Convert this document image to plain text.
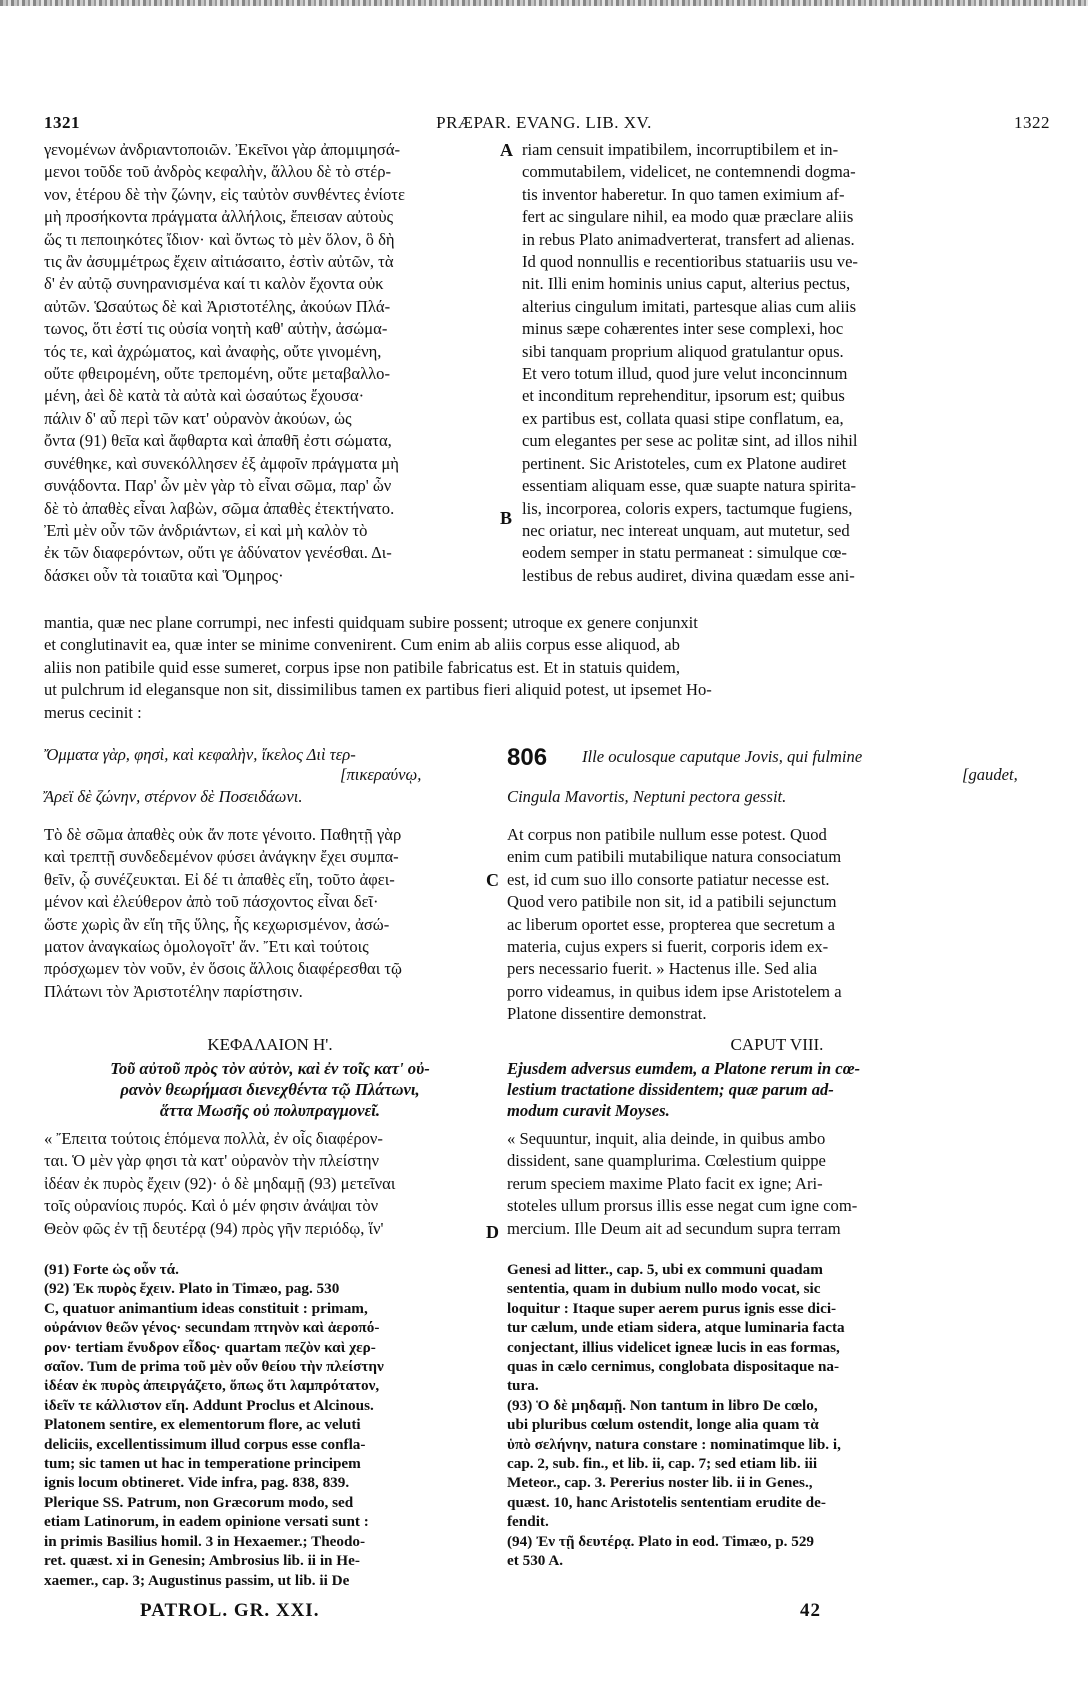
1321	PRÆPAR. EVANG. LIB. XV.	1322
γενομένων ἀνδριαντοποιῶν. Ἐκεῖνοι γὰρ ἀπομιμησά-
μενοι τοῦδε τοῦ ἀνδρὸς κεφαλὴν, ἄλλου δὲ τὸ στέρ-
νον, ἑτέρου δὲ τὴν ζώνην, εἰς ταὐτὸν συνθέντες ἐνίοτε
μὴ προσήκοντα πράγματα ἀλλήλοις, ἔπεισαν αὐτοὺς
ὥς τι πεποιηκότες ἴδιον· καὶ ὄντως τὸ μὲν ὅλον, ὃ δὴ
τις ἂν ἀσυμμέτρως ἔχειν αἰτιάσαιτο, ἐστὶν αὐτῶν, τὰ
δ' ἐν αὐτῷ συνηρανισμένα καί τι καλὸν ἔχοντα οὐκ
αὐτῶν. Ὡσαύτως δὲ καὶ Ἀριστοτέλης, ἀκούων Πλά-
τωνος, ὅτι ἐστί τις οὐσία νοητὴ καθ' αὑτὴν, ἀσώμα-
τός τε, καὶ ἀχρώματος, καὶ ἀναφὴς, οὔτε γινομένη,
οὔτε φθειρομένη, οὔτε τρεπομένη, οὔτε μεταβαλλο-
μένη, ἀεὶ δὲ κατὰ τὰ αὐτὰ καὶ ὡσαύτως ἔχουσα·
πάλιν δ' αὖ περὶ τῶν κατ' οὐρανὸν ἀκούων, ὡς
ὄντα (91) θεῖα καὶ ἄφθαρτα καὶ ἀπαθῆ ἐστι σώματα,
συνέθηκε, καὶ συνεκόλλησεν ἐξ ἀμφοῖν πράγματα μὴ
συνᾴδοντα. Παρ' ὧν μὲν γὰρ τὸ εἶναι σῶμα, παρ' ὧν
δὲ τὸ ἀπαθὲς εἶναι λαβὼν, σῶμα ἀπαθὲς ἐτεκτήνατο.
Ἐπὶ μὲν οὖν τῶν ἀνδριάντων, εἰ καὶ μὴ καλὸν τὸ
ἐκ τῶν διαφερόντων, οὔτι γε ἀδύνατον γενέσθαι. Δι-
δάσκει οὖν τὰ τοιαῦτα καὶ Ὅμηρος·
A riam censuit impatibilem, incorruptibilem et in-
commutabilem, videlicet, ne contemnendi dogma-
tis inventor haberetur. In quo tamen eximium af-
fert ac singulare nihil, ea modo quæ præclare aliis
in rebus Plato animadverterat, transfert ad alienas.
Id quod nonnullis e recentioribus statuariis usu ve-
nit. Illi enim hominis unius caput, alterius pectus,
alterius cingulum imitati, partesque alias cum aliis
minus sæpe cohærentes inter sese complexi, hoc
sibi tanquam proprium aliquod gratulantur opus.
Et vero totum illud, quod jure velut inconcinnum
et inconditum reprehenditur, ipsorum est; quibus
ex partibus est, collata quasi stipe conflatum, ea,
cum elegantes per sese ac politæ sint, ad illos nihil
pertinent. Sic Aristoteles, cum ex Platone audiret
essentiam aliquam esse, quæ suapte natura spirita-
lis, incorporea, coloris expers, tactumque fugiens,
nec oriatur, nec intereat unquam, aut mutetur, sed
eodem semper in statu permaneat : simulque cœ-
lestibus de rebus audiret, divina quædam esse ani-
B
mantia, quæ nec plane corrumpi, nec infesti quidquam subire possent; utroque ex genere conjunxit
et conglutinavit ea, quæ inter se minime convenirent. Cum enim ab aliis corpus esse aliquod, ab
aliis non patibile quid esse sumeret, corpus ipse non patibile fabricatus est. Et in statuis quidem,
ut pulchrum id elegansque non sit, dissimilibus tamen ex partibus fieri aliquid potest, ut ipsemet Ho-
merus cecinit :
Ὄμματα γὰρ, φησὶ, καὶ κεφαλὴν, ἴκελος Διὶ τερ-
[πικεραύνῳ,
Ἄρεϊ δὲ ζώνην, στέρνον δὲ Ποσειδάωνι.
806 Ille oculosque caputque Jovis, qui fulmine
[gaudet,
Cingula Mavortis, Neptuni pectora gessit.
Τὸ δὲ σῶμα ἀπαθὲς οὐκ ἄν ποτε γένοιτο. Παθητῇ γὰρ
καὶ τρεπτῇ συνδεδεμένον φύσει ἀνάγκην ἔχει συμπα-
θεῖν, ᾧ συνέζευκται. Εἰ δέ τι ἀπαθὲς εἴη, τοῦτο ἀφει-
μένον καὶ ἐλεύθερον ἀπὸ τοῦ πάσχοντος εἶναι δεῖ·
ὥστε χωρὶς ἂν εἴη τῆς ὕλης, ἧς κεχωρισμένον, ἀσώ-
ματον ἀναγκαίως ὁμολογοῖτ' ἄν. Ἔτι καὶ τούτοις
πρόσχωμεν τὸν νοῦν, ἐν ὅσοις ἄλλοις διαφέρεσθαι τῷ
Πλάτωνι τὸν Ἀριστοτέλην παρίστησιν.
C
At corpus non patibile nullum esse potest. Quod
enim cum patibili mutabilique natura consociatum
est, id cum suo illo consorte patiatur necesse est.
Quod vero patibile non sit, id a patibili sejunctum
ac liberum oportet esse, propterea que secretum a
materia, cujus expers si fuerit, corporis idem ex-
pers necessario fuerit. » Hactenus ille. Sed alia
porro videamus, in quibus idem ipse Aristotelem a
Platone dissentire demonstrat.
ΚΕΦΑΛΑΙΟΝ Η'.
Τοῦ αὐτοῦ πρὸς τὸν αὐτὸν, καὶ ἐν τοῖς κατ' οὐ-
ρανὸν θεωρήμασι διενεχθέντα τῷ Πλάτωνι,
ἅττα Μωσῆς οὐ πολυπραγμονεῖ.
« Ἔπειτα τούτοις ἑπόμενα πολλὰ, ἐν οἷς διαφέρον-
ται. Ὁ μὲν γὰρ φησι τὰ κατ' οὐρανὸν τὴν πλείστην
ἰδέαν ἐκ πυρὸς ἔχειν (92)· ὁ δὲ μηδαμῇ (93) μετεῖναι
τοῖς οὐρανίοις πυρός. Καὶ ὁ μέν φησιν ἀνάψαι τὸν
Θεὸν φῶς ἐν τῇ δευτέρᾳ (94) πρὸς γῆν περιόδῳ, ἵν'
CAPUT VIII.
Ejusdem adversus eumdem, a Platone rerum in cœ-
lestium tractatione dissidentem; quæ parum ad-
modum curavit Moyses.
« Sequuntur, inquit, alia deinde, in quibus ambo
dissident, sane quamplurima. Cœlestium quippe
rerum speciem maxime Plato facit ex igne; Ari-
stoteles ullum prorsus illis esse negat cum igne com-
mercium. Ille Deum ait ad secundum supra terram
D
(91) Forte ὡς οὖν τά.
(92) Ἐκ πυρὸς ἔχειν. Plato in Timæo, pag. 530
C, quatuor animantium ideas constituit : primam,
οὐράνιον θεῶν γένος· secundam πτηνὸν καὶ ἀεροπό-
ρον· tertiam ἔνυδρον εἶδος· quartam πεζὸν καὶ χερ-
σαῖον. Tum de prima τοῦ μὲν οὖν θείου τὴν πλείστην
ἰδέαν ἐκ πυρὸς ἀπειργάζετο, ὅπως ὅτι λαμπρότατον,
ἰδεῖν τε κάλλιστον εἴη. Addunt Proclus et Alcinous.
Platonem sentire, ex elementorum flore, ac veluti
deliciis, excellentissimum illud corpus esse confla-
tum; sic tamen ut hac in temperatione principem
ignis locum obtineret. Vide infra, pag. 838, 839.
Plerique SS. Patrum, non Græcorum modo, sed
etiam Latinorum, in eadem opinione versati sunt :
in primis Basilius homil. 3 in Hexaemer.; Theodo-
ret. quæst. xi in Genesin; Ambrosius lib. ii in He-
xaemer., cap. 3; Augustinus passim, ut lib. ii De
Genesi ad litter., cap. 5, ubi ex communi quadam
sententia, quam in dubium nullo modo vocat, sic
loquitur : Itaque super aerem purus ignis esse dici-
tur cælum, unde etiam sidera, atque luminaria facta
conjectant, illius videlicet igneæ lucis in eas formas,
quas in cælo cernimus, conglobata dispositaque na-
tura.
(93) Ὁ δὲ μηδαμῇ. Non tantum in libro De cœlo,
ubi pluribus cœlum ostendit, longe alia quam τὰ
ὑπὸ σελήνην, natura constare : nominatimque lib. i,
cap. 2, sub. fin., et lib. ii, cap. 7; sed etiam lib. iii
Meteor., cap. 3. Pererius noster lib. ii in Genes.,
quæst. 10, hanc Aristotelis sententiam erudite de-
fendit.
(94) Ἐν τῇ δευτέρᾳ. Plato in eod. Timæo, p. 529
et 530 A.
PATROL. GR. XXI.	42
